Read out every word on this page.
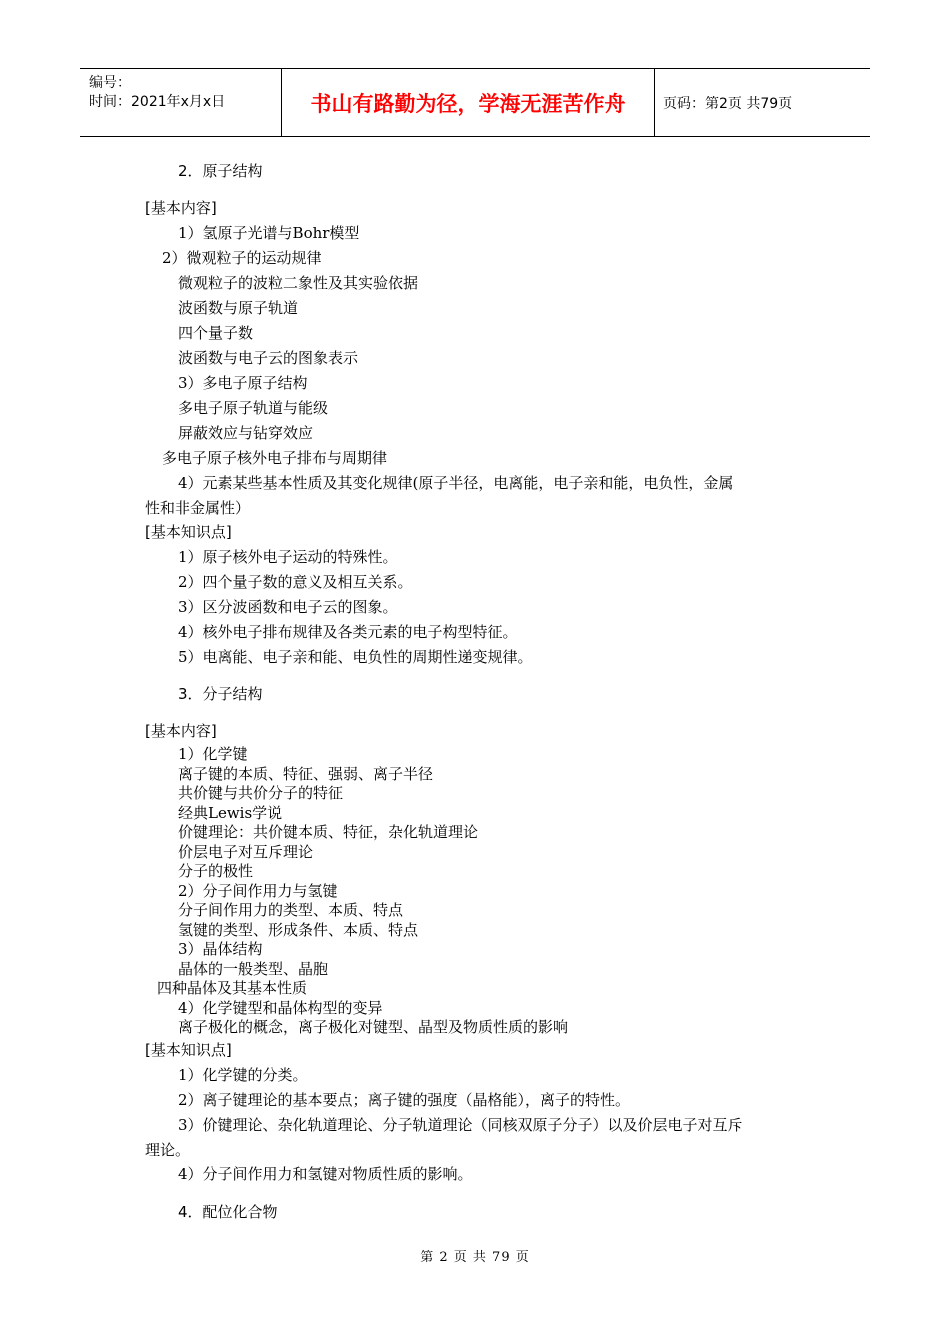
编号：
时间：2021年x月x日	书山有路勤为径，学海无涯苦作舟	页码：第2页 共79页
2．原子结构
[基本内容]
1）氢原子光谱与Bohr模型
2）微观粒子的运动规律
微观粒子的波粒二象性及其实验依据
波函数与原子轨道
四个量子数
波函数与电子云的图象表示
3）多电子原子结构
多电子原子轨道与能级
屏蔽效应与钻穿效应
多电子原子核外电子排布与周期律
4）元素某些基本性质及其变化规律(原子半径，电离能，电子亲和能，电负性，金属
性和非金属性）
[基本知识点]
1）原子核外电子运动的特殊性。
2）四个量子数的意义及相互关系。
3）区分波函数和电子云的图象。
4）核外电子排布规律及各类元素的电子构型特征。
5）电离能、电子亲和能、电负性的周期性递变规律。
3．分子结构
[基本内容]
1）化学键
离子键的本质、特征、强弱、离子半径
共价键与共价分子的特征
经典Lewis学说
价键理论：共价键本质、特征，杂化轨道理论
价层电子对互斥理论
分子的极性
2）分子间作用力与氢键
分子间作用力的类型、本质、特点
氢键的类型、形成条件、本质、特点
3）晶体结构
晶体的一般类型、晶胞
四种晶体及其基本性质
4）化学键型和晶体构型的变异
离子极化的概念，离子极化对键型、晶型及物质性质的影响
[基本知识点]
1）化学键的分类。
2）离子键理论的基本要点；离子键的强度（晶格能），离子的特性。
3）价键理论、杂化轨道理论、分子轨道理论（同核双原子分子）以及价层电子对互斥
理论。
4）分子间作用力和氢键对物质性质的影响。
4．配位化合物
第 2 页 共 79 页
